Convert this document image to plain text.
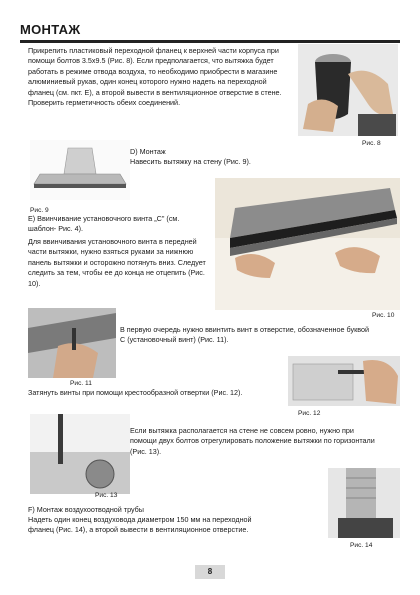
МОНТАЖ
Прикрепить пластиковый переходной фланец к верхней части корпуса при помощи болтов 3.5x9.5 (Рис. 8). Если предполагается, что вытяжка будет работать в режиме отвода воздуха, то необходимо приобрести в магазине алюминиевый рукав, один конец которого нужно надеть на переходной фланец (см. пкт. E), а второй вывести в вентиляционное отверстие в стене. Проверить герметичность обеих соединений.
Рис. 8
Рис. 9
D) Монтаж
Навесить вытяжку на стену (Рис. 9).
Рис. 10
E) Ввинчивание установочного винта „C" (см. шаблон- Рис. 4).
Для ввинчивания установочного винта в передней части вытяжки, нужно взяться руками за нижнюю панель вытяжки и осторожно потянуть вниз. Следует следить за тем, чтобы ее до конца не отцепить (Рис. 10).
Рис. 11
В первую очередь нужно ввинтить винт в отверстие, обозначенное буквой C (установочный винт) (Рис. 11).
Рис. 12
Затянуть винты при помощи крестообразной отвертки (Рис. 12).
Рис. 13
Если вытяжка располагается на стене не совсем ровно, нужно при помощи двух болтов отрегулировать положение вытяжки по горизонтали (Рис. 13).
F) Монтаж воздухоотводной трубы
Надеть один конец воздуховода диаметром 150 мм на переходной фланец (Рис. 14), а второй вывести в вентиляционное отверстие.
Рис. 14
8
